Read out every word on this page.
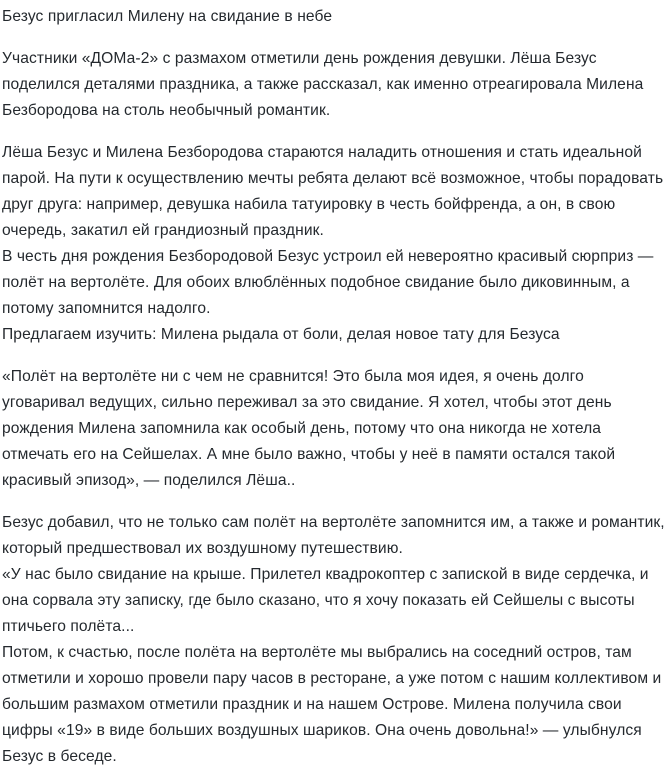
Безус пригласил Милену на свидание в небе

Участники «ДОМа-2» с размахом отметили день рождения девушки. Лёша Безус поделился деталями праздника, а также рассказал, как именно отреагировала Милена Безбородова на столь необычный романтик.

Лёша Безус и Милена Безбородова стараются наладить отношения и стать идеальной парой. На пути к осуществлению мечты ребята делают всё возможное, чтобы порадовать друг друга: например, девушка набила татуировку в честь бойфренда, а он, в свою очередь, закатил ей грандиозный праздник.

В честь дня рождения Безбородовой Безус устроил ей невероятно красивый сюрприз — полёт на вертолёте. Для обоих влюблённых подобное свидание было диковинным, а потому запомнится надолго.

Предлагаем изучить: Милена рыдала от боли, делая новое тату для Безуса

«Полёт на вертолёте ни с чем не сравнится! Это была моя идея, я очень долго уговаривал ведущих, сильно переживал за это свидание. Я хотел, чтобы этот день рождения Милена запомнила как особый день, потому что она никогда не хотела отмечать его на Сейшелах. А мне было важно, чтобы у неё в памяти остался такой красивый эпизод», — поделился Лёша..

Безус добавил, что не только сам полёт на вертолёте запомнится им, а также и романтик, который предшествовал их воздушному путешествию.

«У нас было свидание на крыше. Прилетел квадрокоптер с запиской в виде сердечка, и она сорвала эту записку, где было сказано, что я хочу показать ей Сейшелы с высоты птичьего полёта...

Потом, к счастью, после полёта на вертолёте мы выбрались на соседний остров, там отметили и хорошо провели пару часов в ресторане, а уже потом с нашим коллективом и большим размахом отметили праздник и на нашем Острове. Милена получила свои цифры «19» в виде больших воздушных шариков. Она очень довольна!» — улыбнулся Безус в беседе.
